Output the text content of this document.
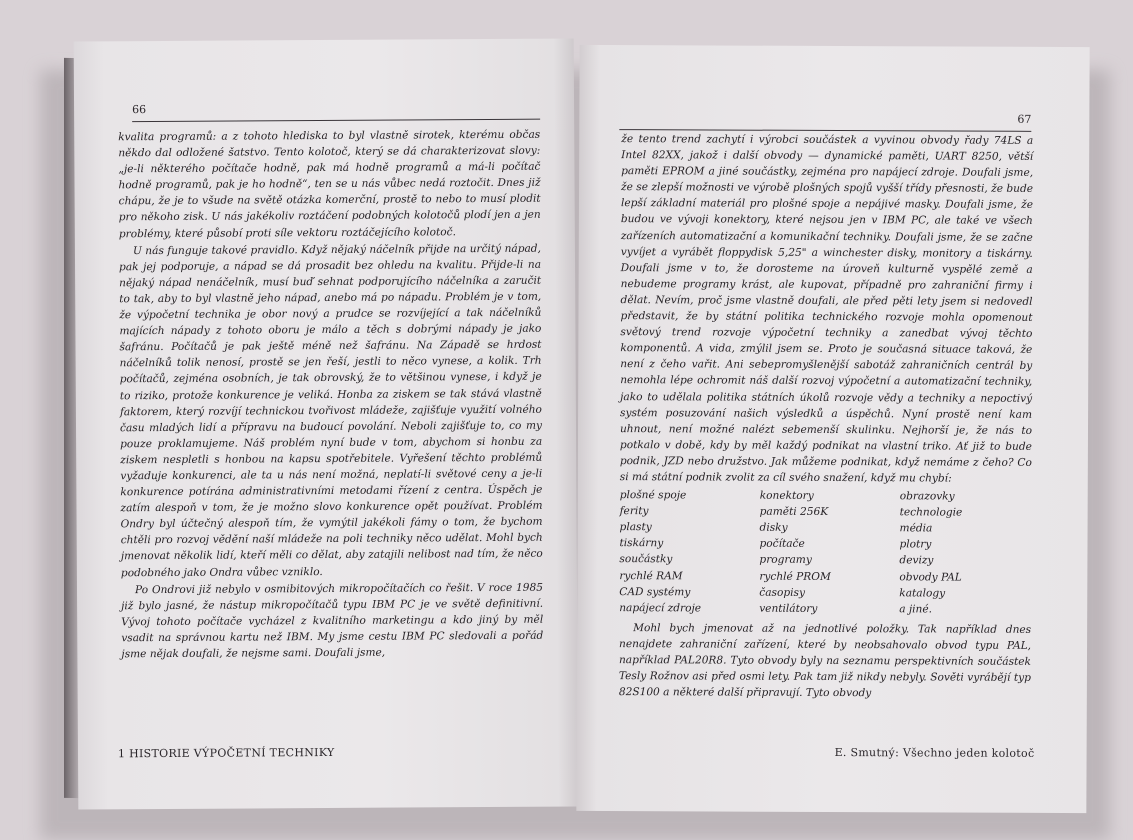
66

kvalita programů: a z tohoto hlediska to byl vlastně sirotek, kterému občas někdo dal odložené šatstvo. Tento kolotoč, který se dá charakterizovat slovy: „je-li některého počítače hodně, pak má hodně programů a má-li počítač hodně programů, pak je ho hodně“, ten se u nás vůbec nedá roztočit. Dnes již chápu, že je to všude na světě otázka komerční, prostě to nebo to musí plodit pro někoho zisk. U nás jakékoliv roztáčení podobných kolotočů plodí jen a jen problémy, které působí proti síle vektoru roztáčejícího kolotoč.

U nás funguje takové pravidlo. Když nějaký náčelník přijde na určitý nápad, pak jej podporuje, a nápad se dá prosadit bez ohledu na kvalitu. Přijde-li na nějaký nápad nenáčelník, musí buď sehnat podporujícího náčelníka a zaručit to tak, aby to byl vlastně jeho nápad, anebo má po nápadu. Problém je v tom, že výpočetní technika je obor nový a prudce se rozvíjející a tak náčelníků majících nápady z tohoto oboru je málo a těch s dobrými nápady je jako šafránu. Počítačů je pak ještě méně než šafránu. Na Západě se hrdost náčelníků tolik nenosí, prostě se jen řeší, jestli to něco vynese, a kolik. Trh počítačů, zejména osobních, je tak obrovský, že to většinou vynese, i když je to riziko, protože konkurence je veliká. Honba za ziskem se tak stává vlastně faktorem, který rozvíjí technickou tvořivost mládeže, zajišťuje využití volného času mladých lidí a přípravu na budoucí povolání. Neboli zajišťuje to, co my pouze proklamujeme. Náš problém nyní bude v tom, abychom si honbu za ziskem nespletli s honbou na kapsu spotřebitele. Vyřešení těchto problémů vyžaduje konkurenci, ale ta u nás není možná, neplatí-li světové ceny a je-li konkurence potírána administrativními metodami řízení z centra. Úspěch je zatím alespoň v tom, že je možno slovo konkurence opět používat. Problém Ondry byl účtečný alespoň tím, že vymýtil jakékoli fámy o tom, že bychom chtěli pro rozvoj vědění naší mládeže na poli techniky něco udělat. Mohl bych jmenovat několik lidí, kteří měli co dělat, aby zatajili nelibost nad tím, že něco podobného jako Ondra vůbec vzniklo.

Po Ondrovi již nebylo v osmibitových mikropočítačích co řešit. V roce 1985 již bylo jasné, že nástup mikropočítačů typu IBM PC je ve světě definitivní. Vývoj tohoto počítače vycházel z kvalitního marketingu a kdo jiný by měl vsadit na správnou kartu než IBM. My jsme cestu IBM PC sledovali a pořád jsme nějak doufali, že nejsme sami. Doufali jsme,

1 HISTORIE VÝPOČETNÍ TECHNIKY
67

že tento trend zachytí i výrobci součástek a vyvinou obvody řady 74LS a Intel 82XX, jakož i další obvody — dynamické paměti, UART 8250, větší paměti EPROM a jiné součástky, zejména pro napájecí zdroje. Doufali jsme, že se zlepší možnosti ve výrobě plošných spojů vyšší třídy přesnosti, že bude lepší základní materiál pro plošné spoje a nepájivé masky. Doufali jsme, že budou ve vývoji konektory, které nejsou jen v IBM PC, ale také ve všech zařízeních automatizační a komunikační techniky. Doufali jsme, že se začne vyvíjet a vyrábět floppydisk 5,25" a winchester disky, monitory a tiskárny. Doufali jsme v to, že dorosteme na úroveň kulturně vyspělé země a nebudeme programy krást, ale kupovat, případně pro zahraniční firmy i dělat. Nevím, proč jsme vlastně doufali, ale před pěti lety jsem si nedovedl představit, že by státní politika technického rozvoje mohla opomenout světový trend rozvoje výpočetní techniky a zanedbat vývoj těchto komponentů. A vida, zmýlil jsem se. Proto je současná situace taková, že není z čeho vařit. Ani sebepromyšlenější sabotáž zahraničních centrál by nemohla lépe ochromit náš další rozvoj výpočetní a automatizační techniky, jako to udělala politika státních úkolů rozvoje vědy a techniky a nepoctivý systém posuzování našich výsledků a úspěchů. Nyní prostě není kam uhnout, není možné nalézt sebemenší skulinku. Nejhorší je, že nás to potkalo v době, kdy by měl každý podnikat na vlastní triko. Ať již to bude podnik, JZD nebo družstvo. Jak můžeme podnikat, když nemáme z čeho? Co si má státní podnik zvolit za cíl svého snažení, když mu chybí:

plošné spoje	konektory	obrazovky
ferity	paměti 256K	technologie
plasty	disky	média
tiskárny	počítače	plotry
součástky	programy	devizy
rychlé RAM	rychlé PROM	obvody PAL
CAD systémy	časopisy	katalogy
napájecí zdroje	ventilátory	a jiné.

Mohl bych jmenovat až na jednotlivé položky. Tak například dnes nenajdete zahraniční zařízení, které by neobsahovalo obvod typu PAL, například PAL20R8. Tyto obvody byly na seznamu perspektivních součástek Tesly Rožnov asi před osmi lety. Pak tam již nikdy nebyly. Sověti vyrábějí typ 82S100 a některé další připravují. Tyto obvody

E. Smutný: Všechno jeden kolotoč
